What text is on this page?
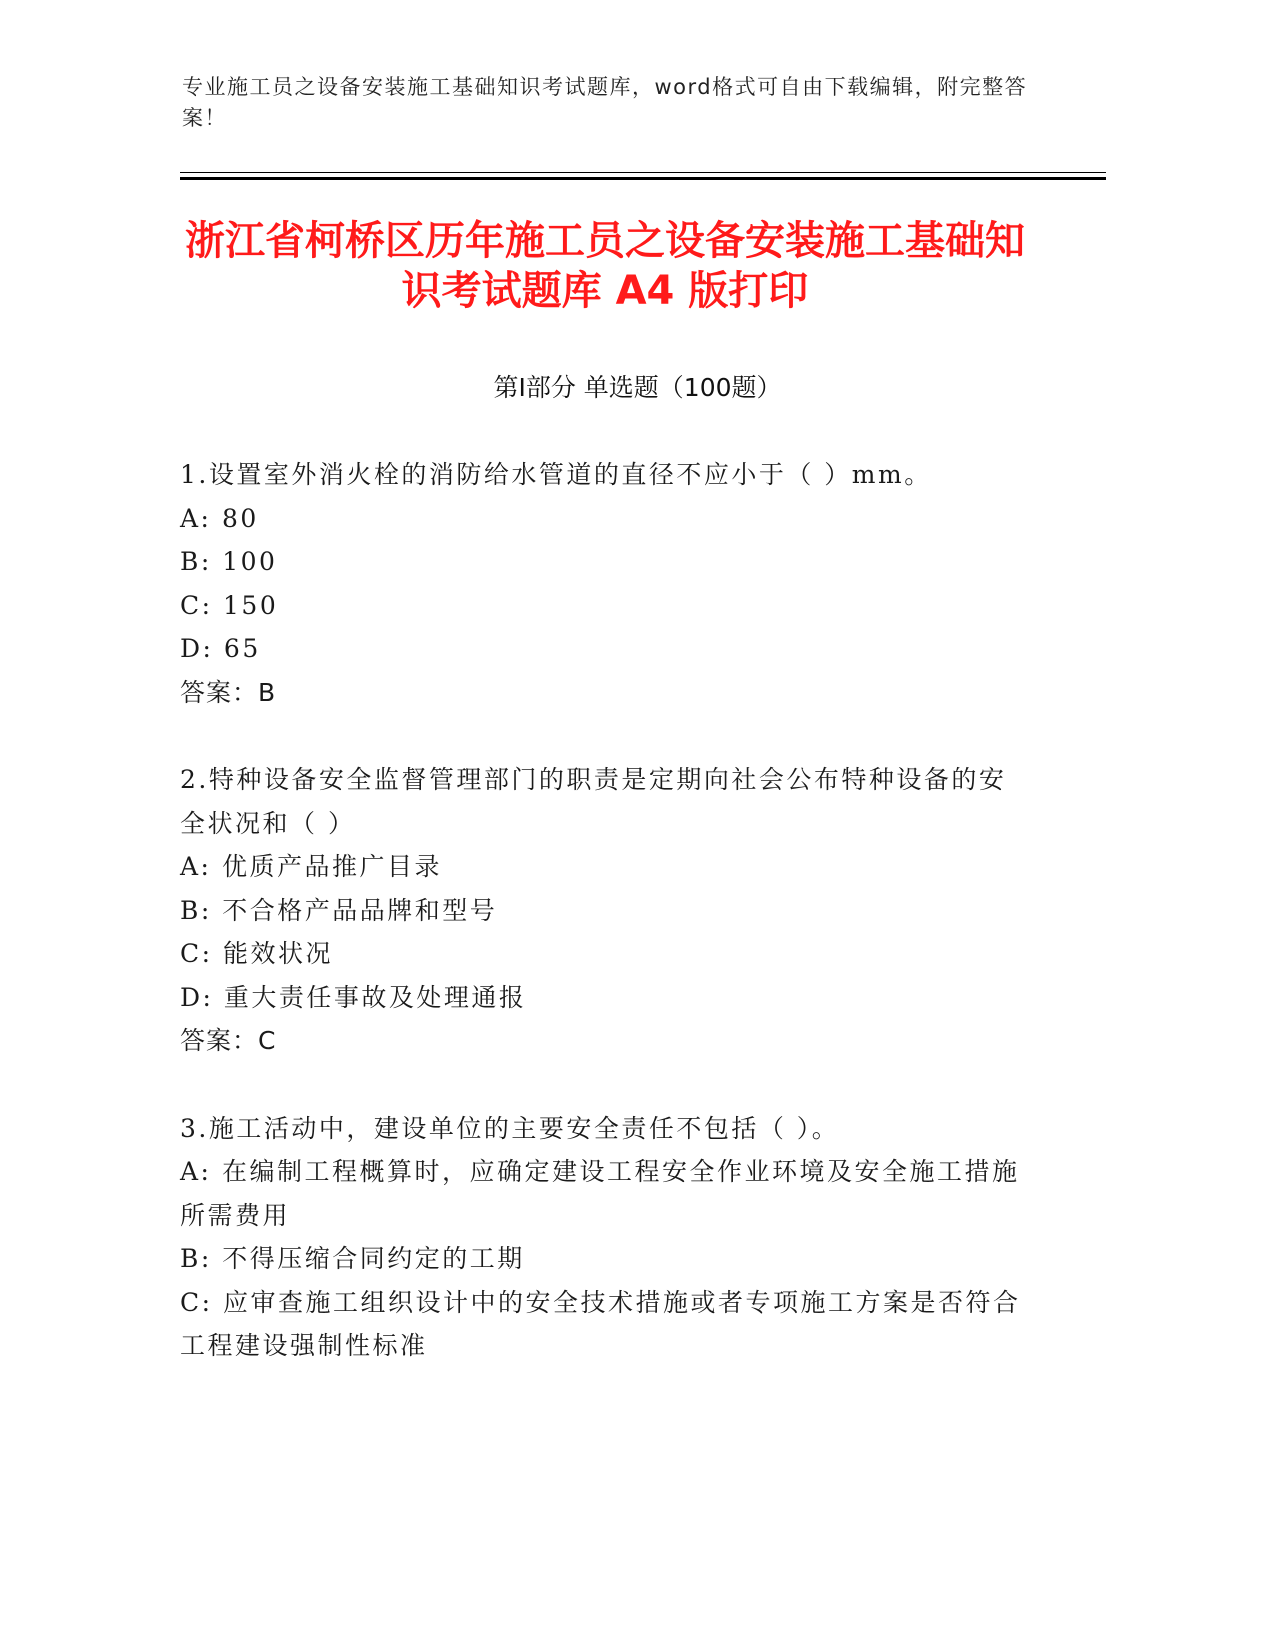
专业施工员之设备安装施工基础知识考试题库，word格式可自由下载编辑，附完整答案！
浙江省柯桥区历年施工员之设备安装施工基础知识考试题库 A4 版打印
第Ⅰ部分 单选题（100题）

1.设置室外消火栓的消防给水管道的直径不应小于（ ）mm。

A: 80

B: 100

C: 150

D: 65

答案：B

2.特种设备安全监督管理部门的职责是定期向社会公布特种设备的安全状况和（ ）

A: 优质产品推广目录

B: 不合格产品品牌和型号

C: 能效状况

D: 重大责任事故及处理通报

答案：C

3.施工活动中，建设单位的主要安全责任不包括（ ）。

A: 在编制工程概算时，应确定建设工程安全作业环境及安全施工措施所需费用

B: 不得压缩合同约定的工期

C: 应审查施工组织设计中的安全技术措施或者专项施工方案是否符合工程建设强制性标准
